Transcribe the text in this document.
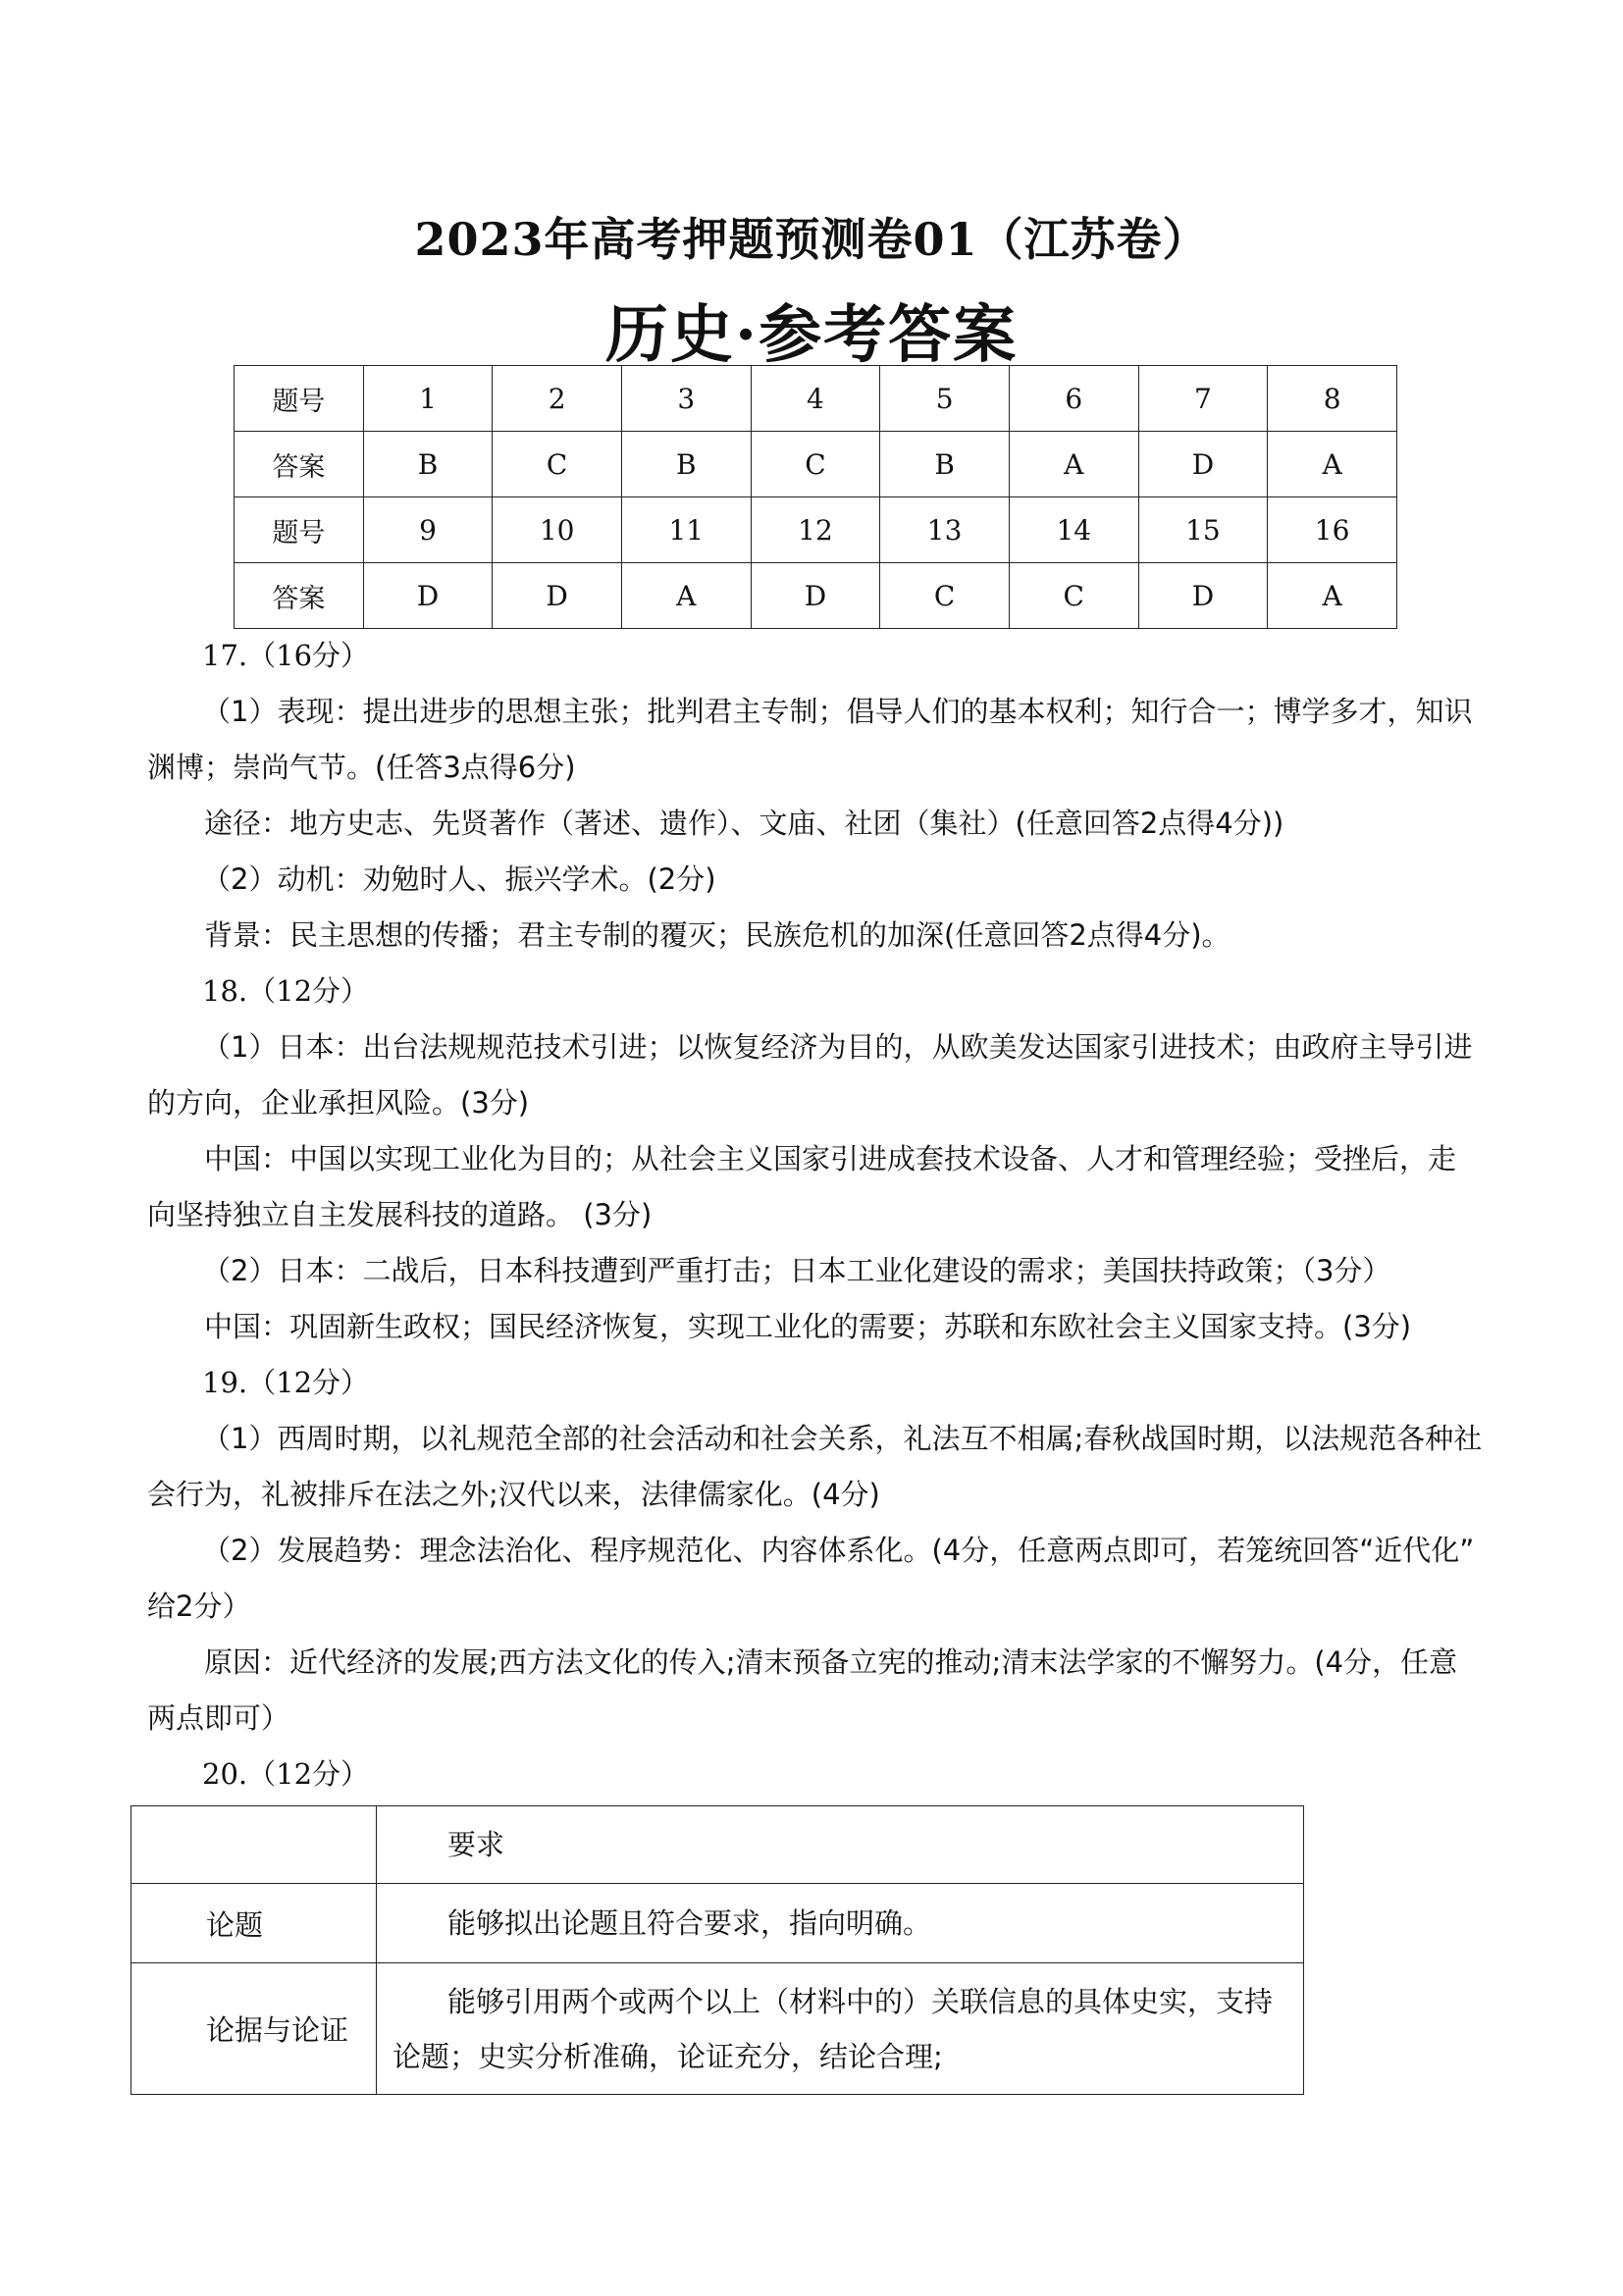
2023年高考押题预测卷01（江苏卷）
历史·参考答案
题号	1	2	3	4	5	6	7	8
答案	B	C	B	C	B	A	D	A
题号	9	10	11	12	13	14	15	16
答案	D	D	A	D	C	C	D	A
17.（16分）
（1）表现：提出进步的思想主张；批判君主专制；倡导人们的基本权利；知行合一；博学多才，知识
渊博；崇尚气节。(任答3点得6分)
途径：地方史志、先贤著作（著述、遗作）、文庙、社团（集社）(任意回答2点得4分))
（2）动机：劝勉时人、振兴学术。(2分)
背景：民主思想的传播；君主专制的覆灭；民族危机的加深(任意回答2点得4分)。
18.（12分）
（1）日本：出台法规规范技术引进；以恢复经济为目的，从欧美发达国家引进技术；由政府主导引进
的方向，企业承担风险。(3分)
中国：中国以实现工业化为目的；从社会主义国家引进成套技术设备、人才和管理经验；受挫后，走
向坚持独立自主发展科技的道路。 (3分)
（2）日本：二战后，日本科技遭到严重打击；日本工业化建设的需求；美国扶持政策；（3分）
中国：巩固新生政权；国民经济恢复，实现工业化的需要；苏联和东欧社会主义国家支持。(3分)
19.（12分）
（1）西周时期，以礼规范全部的社会活动和社会关系，礼法互不相属;春秋战国时期，以法规范各种社
会行为，礼被排斥在法之外;汉代以来，法律儒家化。(4分)
（2）发展趋势：理念法治化、程序规范化、内容体系化。(4分，任意两点即可，若笼统回答“近代化”
给2分）
原因：近代经济的发展;西方法文化的传入;清末预备立宪的推动;清末法学家的不懈努力。(4分，任意
两点即可）
20.（12分）
	要求
论题	能够拟出论题且符合要求，指向明确。
论据与论证	能够引用两个或两个以上（材料中的）关联信息的具体史实，支持论题；史实分析准确，论证充分，结论合理;
